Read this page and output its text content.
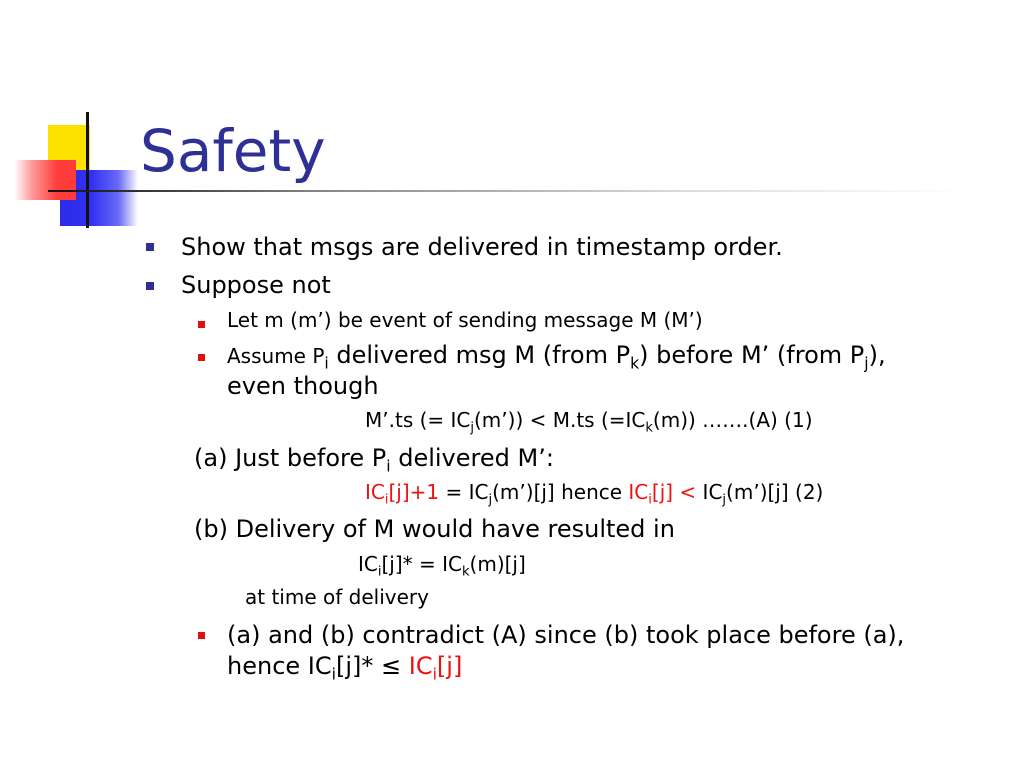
Safety
Show that msgs are delivered in timestamp order.
Suppose not
Let m (m’) be event of sending message M (M’)
Assume $P_i$ delivered msg M (from $P_k$) before M’ (from $P_j$),
even though
M’.ts (= $IC_j(m’)) < M.ts$ $(=IC_k(m))$ …….(A) (1)
(a) Just before $P_i$ delivered M’:
$IC_i[j]+1$ = $IC_j(m’)[j]$ hence $IC_i[j]$ < $IC_j(m’)[j]$ (2)
(b) Delivery of M would have resulted in
$IC_i[j]* = IC_k(m)[j]$
at time of delivery
(a) and (b) contradict (A) since (b) took place before (a),
hence $IC_i[j]* \le IC_i[j]$
